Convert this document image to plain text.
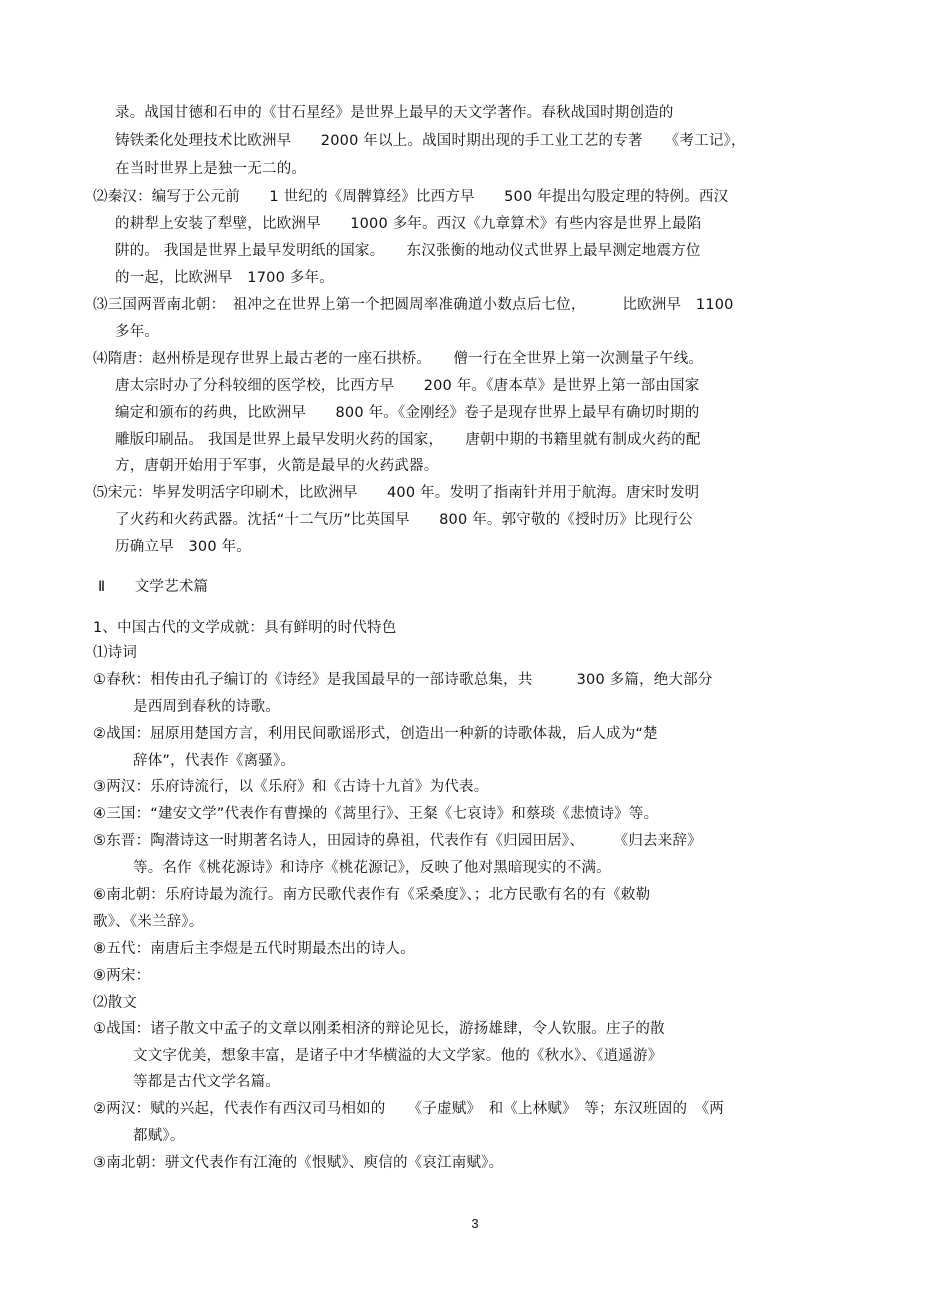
录。战国甘德和石申的《甘石星经》是世界上最早的天文学著作。春秋战国时期创造的
铸铁柔化处理技术比欧洲早　　2000 年以上。战国时期出现的手工业工艺的专著　　《考工记》，
在当时世界上是独一无二的。
⑵秦汉：编写于公元前　　1 世纪的《周髀算经》比西方早　　500 年提出勾股定理的特例。西汉
的耕犁上安装了犁壁，比欧洲早　　1000 多年。西汉《九章算术》有些内容是世界上最陷
阱的。 我国是世界上最早发明纸的国家。　　东汉张衡的地动仪式世界上最早测定地震方位
的一起，比欧洲早　1700 多年。
⑶三国两晋南北朝：　祖冲之在世界上第一个把圆周率准确道小数点后七位，　　　比欧洲早　1100
多年。
⑷隋唐：赵州桥是现存世界上最古老的一座石拱桥。　　僧一行在全世界上第一次测量子午线。
唐太宗时办了分科较细的医学校，比西方早　　200 年。《唐本草》是世界上第一部由国家
编定和颁布的药典，比欧洲早　　800 年。《金刚经》卷子是现存世界上最早有确切时期的
雕版印刷品。 我国是世界上最早发明火药的国家，　　唐朝中期的书籍里就有制成火药的配
方，唐朝开始用于军事，火箭是最早的火药武器。
⑸宋元：毕昇发明活字印刷术，比欧洲早　　400 年。发明了指南针并用于航海。唐宋时发明
了火药和火药武器。沈括“十二气历”比英国早　　800 年。郭守敬的《授时历》比现行公
历确立早　300 年。
Ⅱ　　文学艺术篇
1、中国古代的文学成就：具有鲜明的时代特色
⑴诗词
①春秋：相传由孔子编订的《诗经》是我国最早的一部诗歌总集，共　　　300 多篇，绝大部分
是西周到春秋的诗歌。
②战国：屈原用楚国方言，利用民间歌谣形式，创造出一种新的诗歌体裁，后人成为“楚
辞体”，代表作《离骚》。
③两汉：乐府诗流行，以《乐府》和《古诗十九首》为代表。
④三国：“建安文学”代表作有曹操的《蒿里行》、王粲《七哀诗》和蔡琰《悲愤诗》等。
⑤东晋：陶潜诗这一时期著名诗人，田园诗的鼻祖，代表作有《归园田居》、　　　《归去来辞》
等。名作《桃花源诗》和诗序《桃花源记》，反映了他对黑暗现实的不满。
⑥南北朝：乐府诗最为流行。南方民歌代表作有《采桑度》、；北方民歌有名的有《敕勒
歌》、《米兰辞》。
⑧五代：南唐后主李煜是五代时期最杰出的诗人。
⑨两宋：
⑵散文
①战国：诸子散文中孟子的文章以刚柔相济的辩论见长，游扬雄肆，令人钦服。庄子的散
文文字优美，想象丰富，是诸子中才华横溢的大文学家。他的《秋水》、《逍遥游》
等都是古代文学名篇。
②两汉：赋的兴起，代表作有西汉司马相如的　　《子虚赋》　和《上林赋》　等；东汉班固的　《两
都赋》。
③南北朝：骈文代表作有江淹的《恨赋》、庾信的《哀江南赋》。
3
